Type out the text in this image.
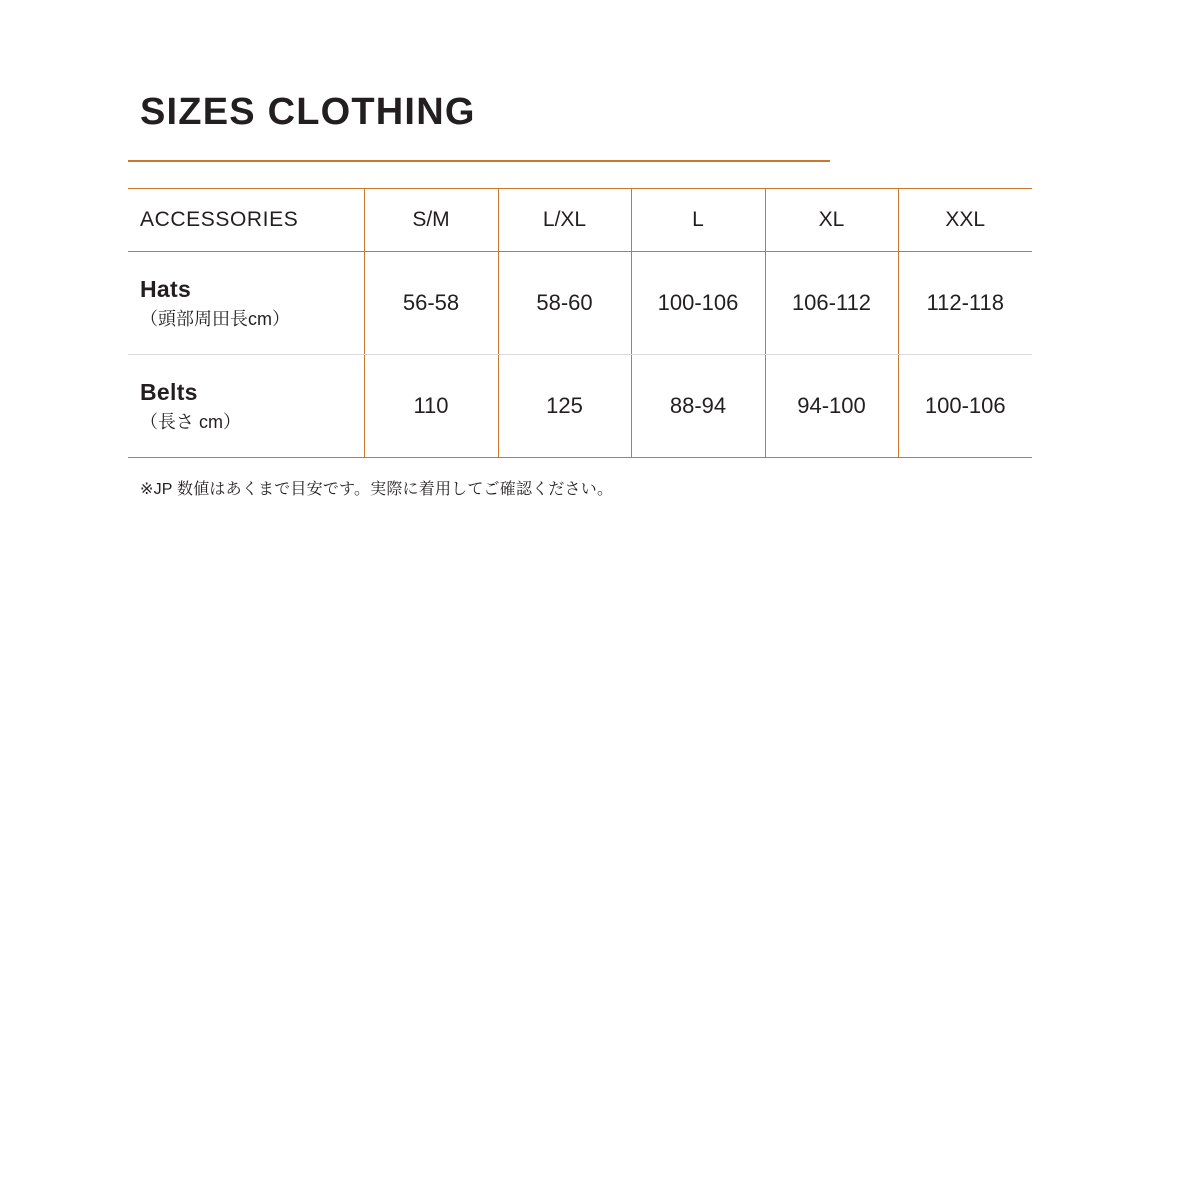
SIZES CLOTHING
ACCESSORIES	S/M	L/XL	L	XL	XXL

Hats
（頭部周田長cm）	56-58	58-60	100-106	106-112	112-118

Belts
（長さ cm）	110	125	88-94	94-100	100-106
※JP 数値はあくまで目安です。実際に着用してご確認ください。
